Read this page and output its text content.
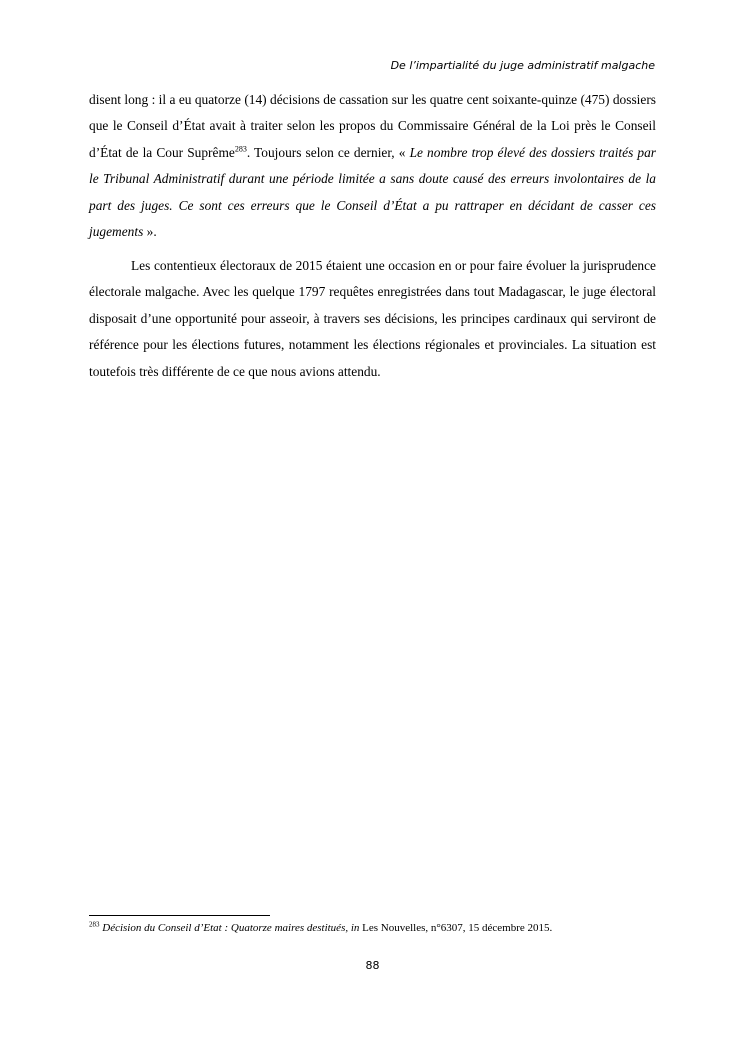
De l’impartialité du juge administratif malgache

disent long : il a eu quatorze (14) décisions de cassation sur les quatre cent soixante-quinze (475) dossiers que le Conseil d’État avait à traiter selon les propos du Commissaire Général de la Loi près le Conseil d’État de la Cour Suprême$^{283}$. Toujours selon ce dernier, « Le nombre trop élevé des dossiers traités par le Tribunal Administratif durant une période limitée a sans doute causé des erreurs involontaires de la part des juges. Ce sont ces erreurs que le Conseil d’État a pu rattraper en décidant de casser ces jugements ».

Les contentieux électoraux de 2015 étaient une occasion en or pour faire évoluer la jurisprudence électorale malgache. Avec les quelque 1797 requêtes enregistrées dans tout Madagascar, le juge électoral disposait d’une opportunité pour asseoir, à travers ses décisions, les principes cardinaux qui serviront de référence pour les élections futures, notamment les élections régionales et provinciales. La situation est toutefois très différente de ce que nous avions attendu.

$^{283}$ Décision du Conseil d’Etat : Quatorze maires destitués, in Les Nouvelles, n°6307, 15 décembre 2015.
88
